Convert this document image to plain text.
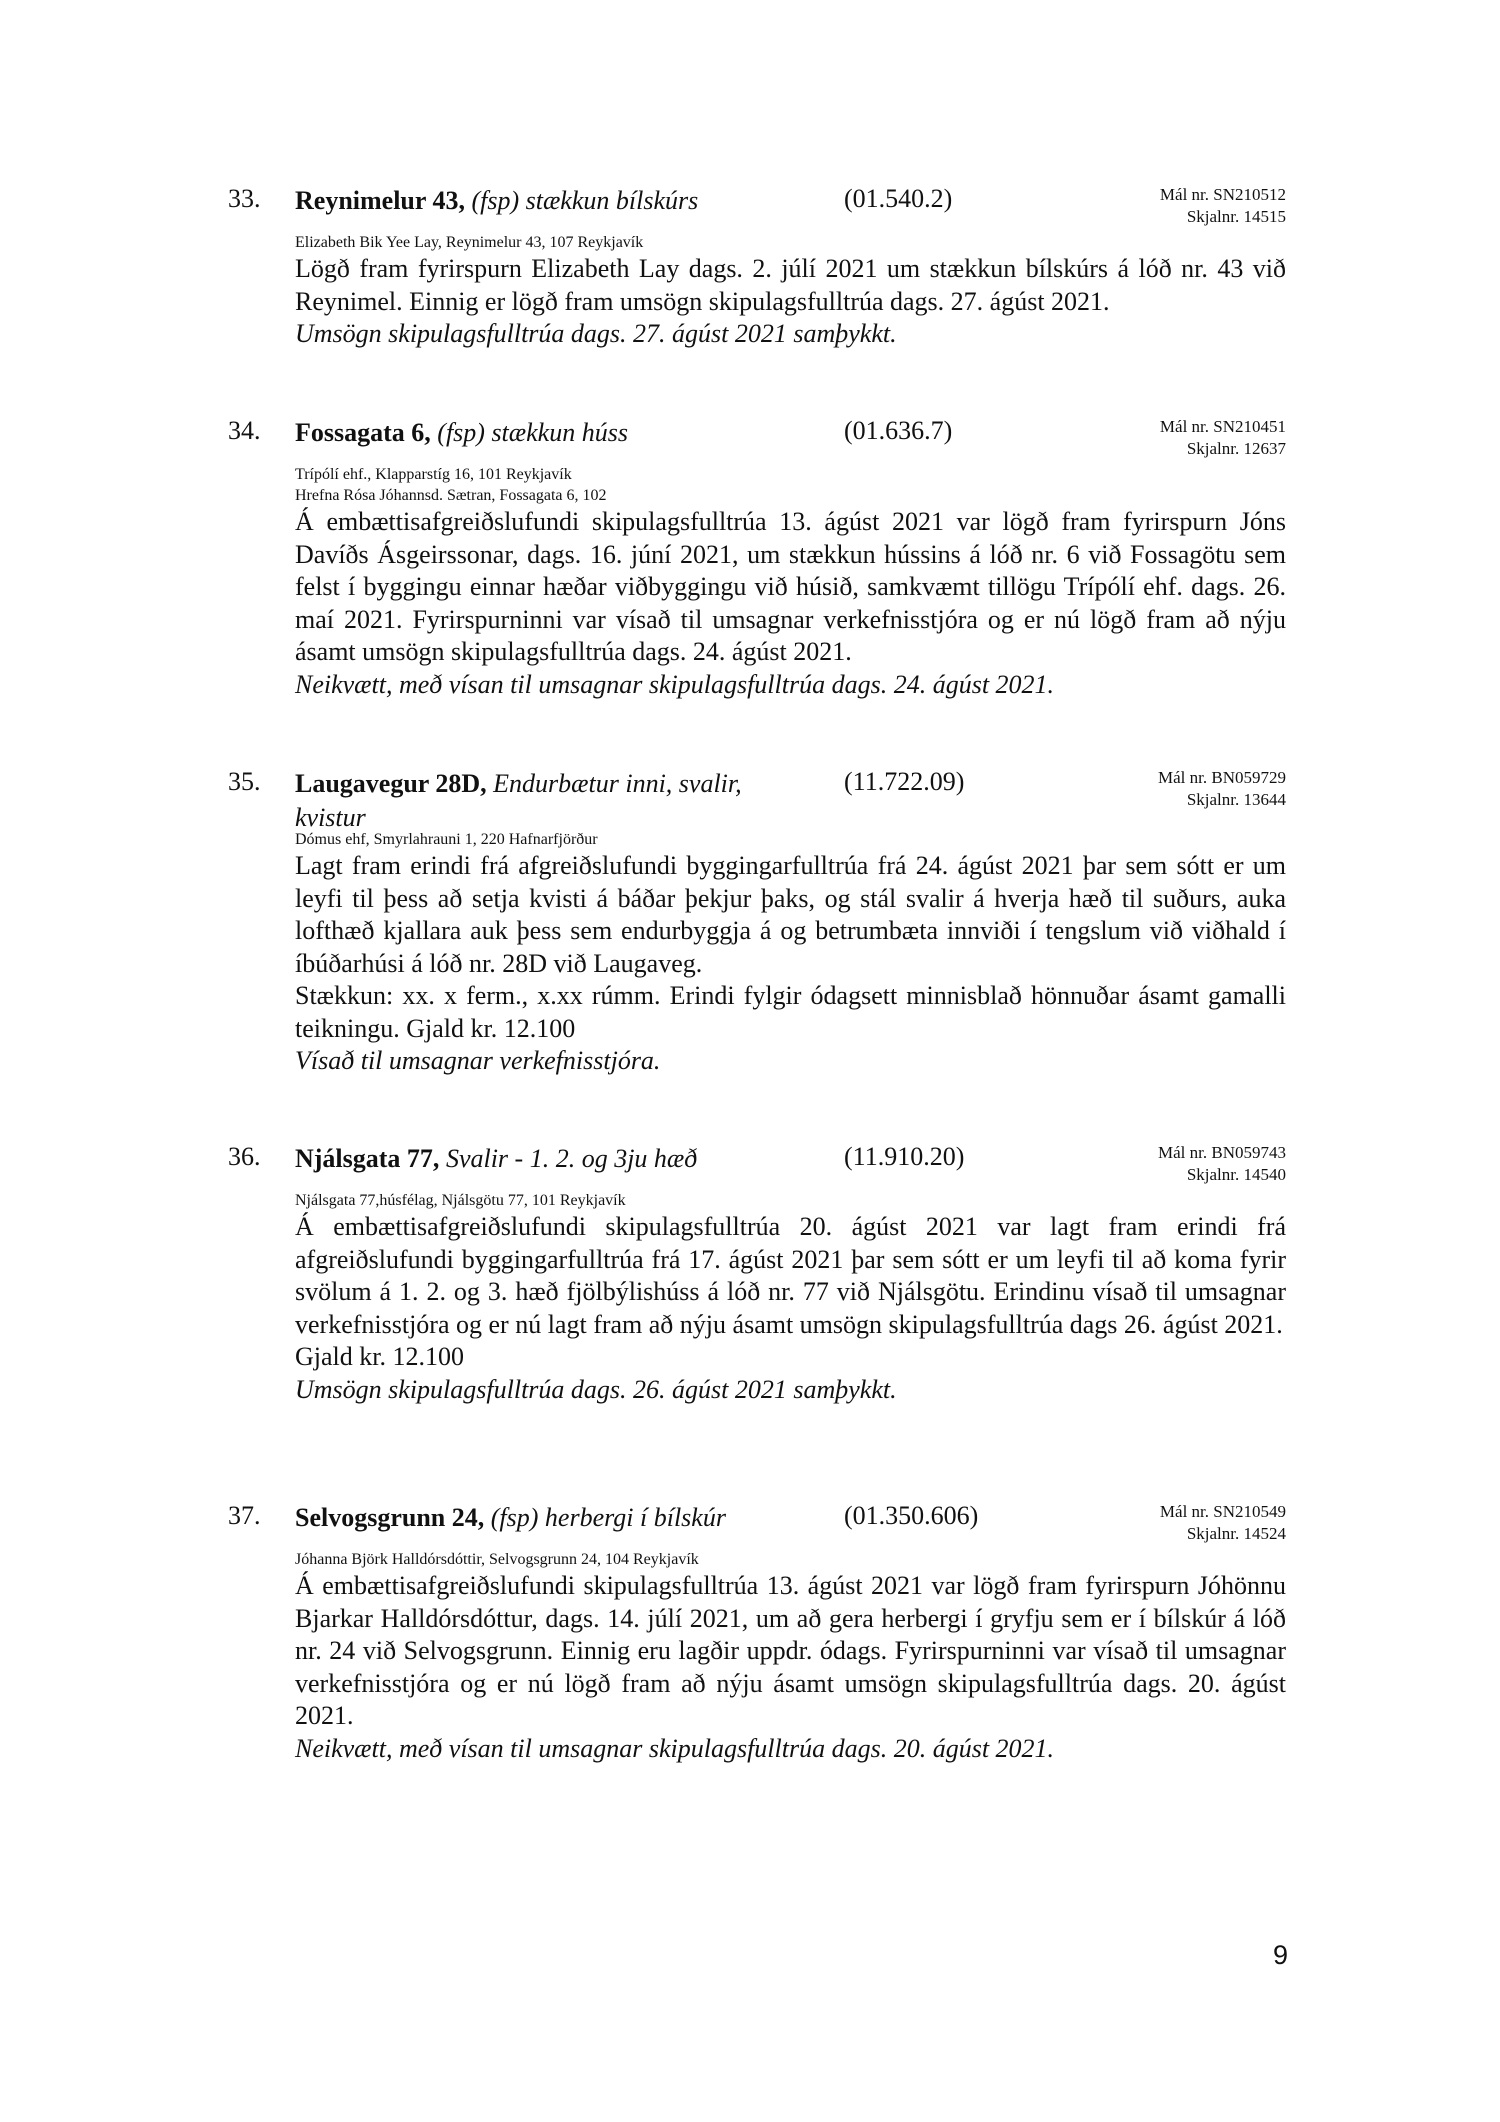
33. Reynimelur 43, (fsp) stækkun bílskúrs	(01.540.2)	Mál nr. SN210512
Skjalnr. 14515
Elizabeth Bik Yee Lay, Reynimelur 43, 107 Reykjavík

Lögð fram fyrirspurn Elizabeth Lay dags. 2. júlí 2021 um stækkun bílskúrs á lóð nr. 43 við Reynimel. Einnig er lögð fram umsögn skipulagsfulltrúa dags. 27. ágúst 2021.

Umsögn skipulagsfulltrúa dags. 27. ágúst 2021 samþykkt.
34. Fossagata 6, (fsp) stækkun húss	(01.636.7)	Mál nr. SN210451
Skjalnr. 12637
Trípólí ehf., Klapparstíg 16, 101 Reykjavík
Hrefna Rósa Jóhannsd. Sætran, Fossagata 6, 102

Á embættisafgreiðslufundi skipulagsfulltrúa 13. ágúst 2021 var lögð fram fyrirspurn Jóns Davíðs Ásgeirssonar, dags. 16. júní 2021, um stækkun hússins á lóð nr. 6 við Fossagötu sem felst í byggingu einnar hæðar viðbyggingu við húsið, samkvæmt tillögu Trípólí ehf. dags. 26. maí 2021. Fyrirspurninni var vísað til umsagnar verkefnisstjóra og er nú lögð fram að nýju ásamt umsögn skipulagsfulltrúa dags. 24. ágúst 2021.

Neikvætt, með vísan til umsagnar skipulagsfulltrúa dags. 24. ágúst 2021.
35. Laugavegur 28D, Endurbætur inni, svalir, kvistur
(11.722.09)	Mál nr. BN059729
Skjalnr. 13644
Dómus ehf, Smyrlahrauni 1, 220 Hafnarfjörður

Lagt fram erindi frá afgreiðslufundi byggingarfulltrúa frá 24. ágúst 2021 þar sem sótt er um leyfi til þess að setja kvisti á báðar þekjur þaks, og stál svalir á hverja hæð til suðurs, auka lofthæð kjallara auk þess sem endurbyggja á og betrumbæta innviði í tengslum við viðhald í íbúðarhúsi á lóð nr. 28D við Laugaveg.

Stækkun: xx. x ferm., x.xx rúmm. Erindi fylgir ódagsett minnisblað hönnuðar ásamt gamalli teikningu. Gjald kr. 12.100

Vísað til umsagnar verkefnisstjóra.
36. Njálsgata 77, Svalir - 1. 2. og 3ju hæð	(11.910.20)	Mál nr. BN059743
Skjalnr. 14540
Njálsgata 77,húsfélag, Njálsgötu 77, 101 Reykjavík

Á embættisafgreiðslufundi skipulagsfulltrúa 20. ágúst 2021 var lagt fram erindi frá afgreiðslufundi byggingarfulltrúa frá 17. ágúst 2021 þar sem sótt er um leyfi til að koma fyrir svölum á 1. 2. og 3. hæð fjölbýlishúss á lóð nr. 77 við Njálsgötu. Erindinu vísað til umsagnar verkefnisstjóra og er nú lagt fram að nýju ásamt umsögn skipulagsfulltrúa dags 26. ágúst 2021.

Gjald kr. 12.100

Umsögn skipulagsfulltrúa dags. 26. ágúst 2021 samþykkt.
37. Selvogsgrunn 24, (fsp) herbergi í bílskúr	(01.350.606)	Mál nr. SN210549
Skjalnr. 14524
Jóhanna Björk Halldórsdóttir, Selvogsgrunn 24, 104 Reykjavík

Á embættisafgreiðslufundi skipulagsfulltrúa 13. ágúst 2021 var lögð fram fyrirspurn Jóhönnu Bjarkar Halldórsdóttur, dags. 14. júlí 2021, um að gera herbergi í gryfju sem er í bílskúr á lóð nr. 24 við Selvogsgrunn. Einnig eru lagðir uppdr. ódags. Fyrirspurninni var vísað til umsagnar verkefnisstjóra og er nú lögð fram að nýju ásamt umsögn skipulagsfulltrúa dags. 20. ágúst 2021.

Neikvætt, með vísan til umsagnar skipulagsfulltrúa dags. 20. ágúst 2021.
9
